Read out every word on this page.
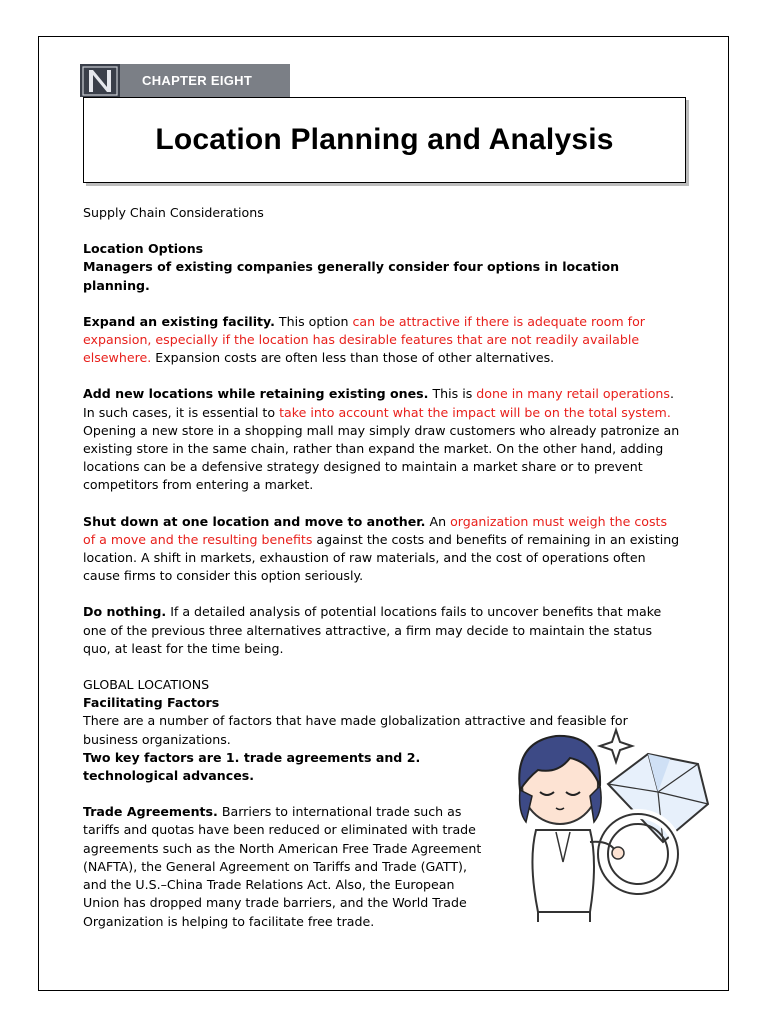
CHAPTER EIGHT
Location Planning and Analysis

Supply Chain Considerations

Location Options
Managers of existing companies generally consider four options in location planning.

Expand an existing facility. This option can be attractive if there is adequate room for expansion, especially if the location has desirable features that are not readily available elsewhere. Expansion costs are often less than those of other alternatives.

Add new locations while retaining existing ones. This is done in many retail operations. In such cases, it is essential to take into account what the impact will be on the total system. Opening a new store in a shopping mall may simply draw customers who already patronize an existing store in the same chain, rather than expand the market. On the other hand, adding locations can be a defensive strategy designed to maintain a market share or to prevent competitors from entering a market.

Shut down at one location and move to another. An organization must weigh the costs of a move and the resulting benefits against the costs and benefits of remaining in an existing location. A shift in markets, exhaustion of raw materials, and the cost of operations often cause firms to consider this option seriously.

Do nothing. If a detailed analysis of potential locations fails to uncover benefits that make one of the previous three alternatives attractive, a firm may decide to maintain the status quo, at least for the time being.

GLOBAL LOCATIONS
Facilitating Factors
There are a number of factors that have made globalization attractive and feasible for business organizations.
Two key factors are 1. trade agreements and 2. technological advances.

Trade Agreements. Barriers to international trade such as tariffs and quotas have been reduced or eliminated with trade agreements such as the North American Free Trade Agreement (NAFTA), the General Agreement on Tariffs and Trade (GATT), and the U.S.–China Trade Relations Act. Also, the European Union has dropped many trade barriers, and the World Trade Organization is helping to facilitate free trade.
